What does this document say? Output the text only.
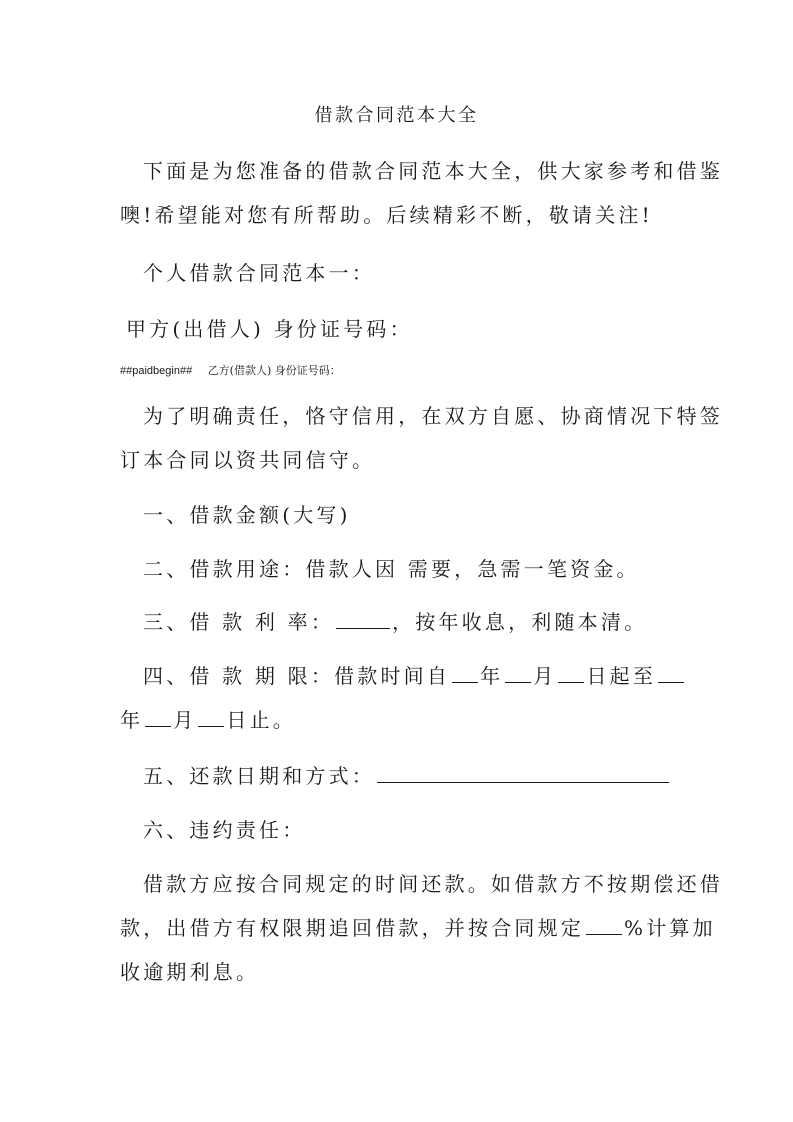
借款合同范本大全
下面是为您准备的借款合同范本大全，供大家参考和借鉴
噢!希望能对您有所帮助。后续精彩不断，敬请关注!
个人借款合同范本一：
甲方(出借人) 身份证号码：
##paidbegin## 乙方(借款人) 身份证号码：
为了明确责任，恪守信用，在双方自愿、协商情况下特签
订本合同以资共同信守。
一、借款金额(大写)
二、借款用途：借款人因 需要，急需一笔资金。
三、借 款 利 率：	，按年收息，利随本清。
四、借 款 期 限：借款时间自 年 月 日起至
年 月 日止。
五、还款日期和方式：
六、违约责任：
借款方应按合同规定的时间还款。如借款方不按期偿还借
款，出借方有权限期追回借款，并按合同规定 %计算加
收逾期利息。
